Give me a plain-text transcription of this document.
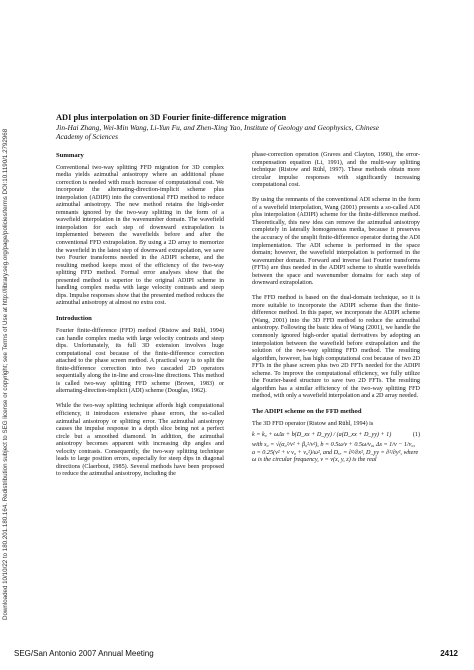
Downloaded 10/10/22 to 180.201.180.164. Redistribution subject to SEG license or copyright; see Terms of Use at http://library.seg.org/page/policies/terms DOI:10.1190/1.2792968
ADI plus interpolation on 3D Fourier finite-difference migration
Jin-Hai Zhang, Wei-Min Wang, Li-Yun Fu, and Zhen-Xing Yao, Institute of Geology and Geophysics, Chinese
Academy of Sciences
Summary

Conventional two-way splitting FFD migration for 3D complex media yields azimuthal anisotropy where an additional phase correction is needed with much increase of computational cost. We incorporate the alternating-direction-implicit scheme plus interpolation (ADIPI) into the conventional FFD method to reduce azimuthal anisotropy. The new method retains the high-order remnants ignored by the two-way splitting in the form of a wavefield interpolation in the wavenumber domain. The wavefield interpolation for each step of downward extrapolation is implemented between the wavefields before and after the conventional FFD extrapolation. By using a 2D array to memorize the wavefield in the latest step of downward extrapolation, we save two Fourier transforms needed in the ADIPI scheme, and the resulting method keeps most of the efficiency of the two-way splitting FFD method. Formal error analyses show that the presented method is superior to the original ADIPI scheme in handling complex media with large velocity contrasts and steep dips. Impulse responses show that the presented method reduces the azimuthal anisotropy at almost no extra cost.

Introduction

Fourier finite-difference (FFD) method (Ristow and Rühl, 1994) can handle complex media with large velocity contrasts and steep dips. Unfortunately, its full 3D extension involves huge computational cost because of the finite-difference correction attached to the phase screen method. A practical way is to split the finite-difference correction into two cascaded 2D operators sequentially along the in-line and cross-line directions. This method is called two-way splitting FFD scheme (Brown, 1983) or alternating-direction-implicit (ADI) scheme (Douglas, 1962).

While the two-way splitting technique affords high computational efficiency, it introduces extensive phase errors, the so-called azimuthal anisotropy or splitting error. The azimuthal anisotropy causes the impulse response in a depth slice being not a perfect circle but a smoothed diamond. In addition, the azimuthal anisotropy becomes apparent with increasing dip angles and velocity contrasts. Consequently, the two-way splitting technique leads to large position errors, especially for steep dips in diagonal directions (Claerbout, 1985). Several methods have been proposed to reduce the azimuthal anisotropy, including the

phase-correction operation (Graves and Clayton, 1990), the error-compensation equation (Li, 1991), and the multi-way splitting technique (Ristow and Rühl, 1997). These methods obtain more circular impulse responses with significantly increasing computational cost.

By using the remnants of the conventional ADI scheme in the form of a wavefield interpolation, Wang (2001) presents a so-called ADI plus interpolation (ADIPI) scheme for the finite-difference method. Theoretically, this new idea can remove the azimuthal anisotropy completely in laterally homogeneous media, because it preserves the accuracy of the unsplit finite-difference operator during the ADI implementation. The ADI scheme is performed in the space domain; however, the wavefield interpolation is performed in the wavenumber domain. Forward and inverse fast Fourier transforms (FFTs) are thus needed in the ADIPI scheme to shuttle wavefields between the space and wavenumber domains for each step of downward extrapolation.

The FFD method is based on the dual-domain technique, so it is more suitable to incorporate the ADIPI scheme than the finite-difference method. In this paper, we incorporate the ADIPI scheme (Wang, 2001) into the 3D FFD method to reduce the azimuthal anisotropy. Following the basic idea of Wang (2001), we handle the commonly ignored high-order spatial derivatives by adopting an interpolation between the wavefield before extrapolation and the solution of the two-way splitting FFD method. The resulting algorithm, however, has high computational cost because of two 2D FFTs in the phase screen plus two 2D FFTs needed for the ADIPI scheme. To improve the computational efficiency, we fully utilize the Fourier-based structure to save two 2D FFTs. The resulting algorithm has a similar efficiency of the two-way splitting FFD method, with only a wavefield interpolation and a 2D array needed.

The ADIPI scheme on the FFD method

The 3D FFD operator (Ristow and Rühl, 1994) is

k = k₀ + ωΔs + b(D_xx + D_yy) / (a(D_xx + D_yy) + 1)	(1)

with s₀ = √(α₀²/v² + β₀²/v²), b = 0.5ω/v + 0.5ω/v₀, Δs = 1/v − 1/v₀,

a = 0.25(v² + v v₀ + v₀²)/ω², and Dₓₓ = ∂²/∂x², D_yy = ∂²/∂y², where

ω is the circular frequency, v = v(x, y, z) is the real

SEG/San Antonio 2007 Annual Meeting	2412
